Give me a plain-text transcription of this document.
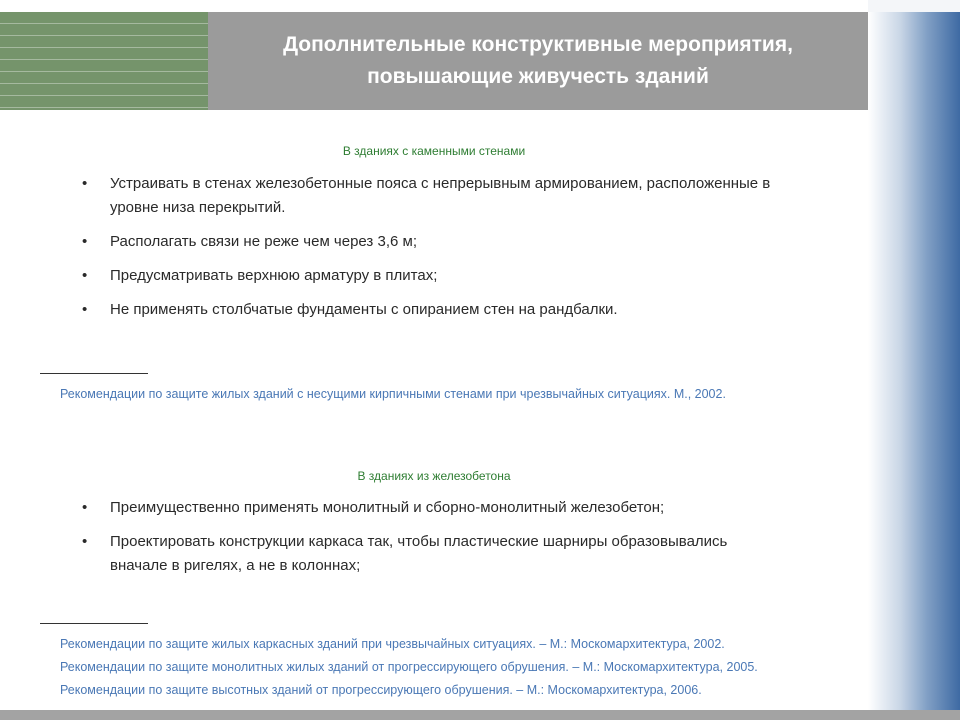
Дополнительные конструктивные мероприятия, повышающие живучесть зданий
В зданиях с каменными стенами
• Устраивать в стенах железобетонные пояса с непрерывным армированием, расположенные в уровне низа перекрытий.
• Располагать связи не реже чем через 3,6 м;
• Предусматривать верхнюю арматуру в плитах;
• Не применять столбчатые фундаменты с опиранием стен на рандбалки.
Рекомендации по защите жилых зданий с несущими кирпичными стенами при чрезвычайных ситуациях. М., 2002.
В зданиях из железобетона
• Преимущественно применять монолитный и сборно-монолитный железобетон;
• Проектировать конструкции каркаса так, чтобы пластические шарниры образовывались вначале в ригелях, а не в колоннах;
Рекомендации по защите жилых каркасных зданий при чрезвычайных ситуациях. – М.: Москомархитектура, 2002.
Рекомендации по защите монолитных жилых зданий от прогрессирующего обрушения. – М.: Москомархитектура, 2005.
Рекомендации по защите высотных зданий от прогрессирующего обрушения. – М.: Москомархитектура, 2006.
